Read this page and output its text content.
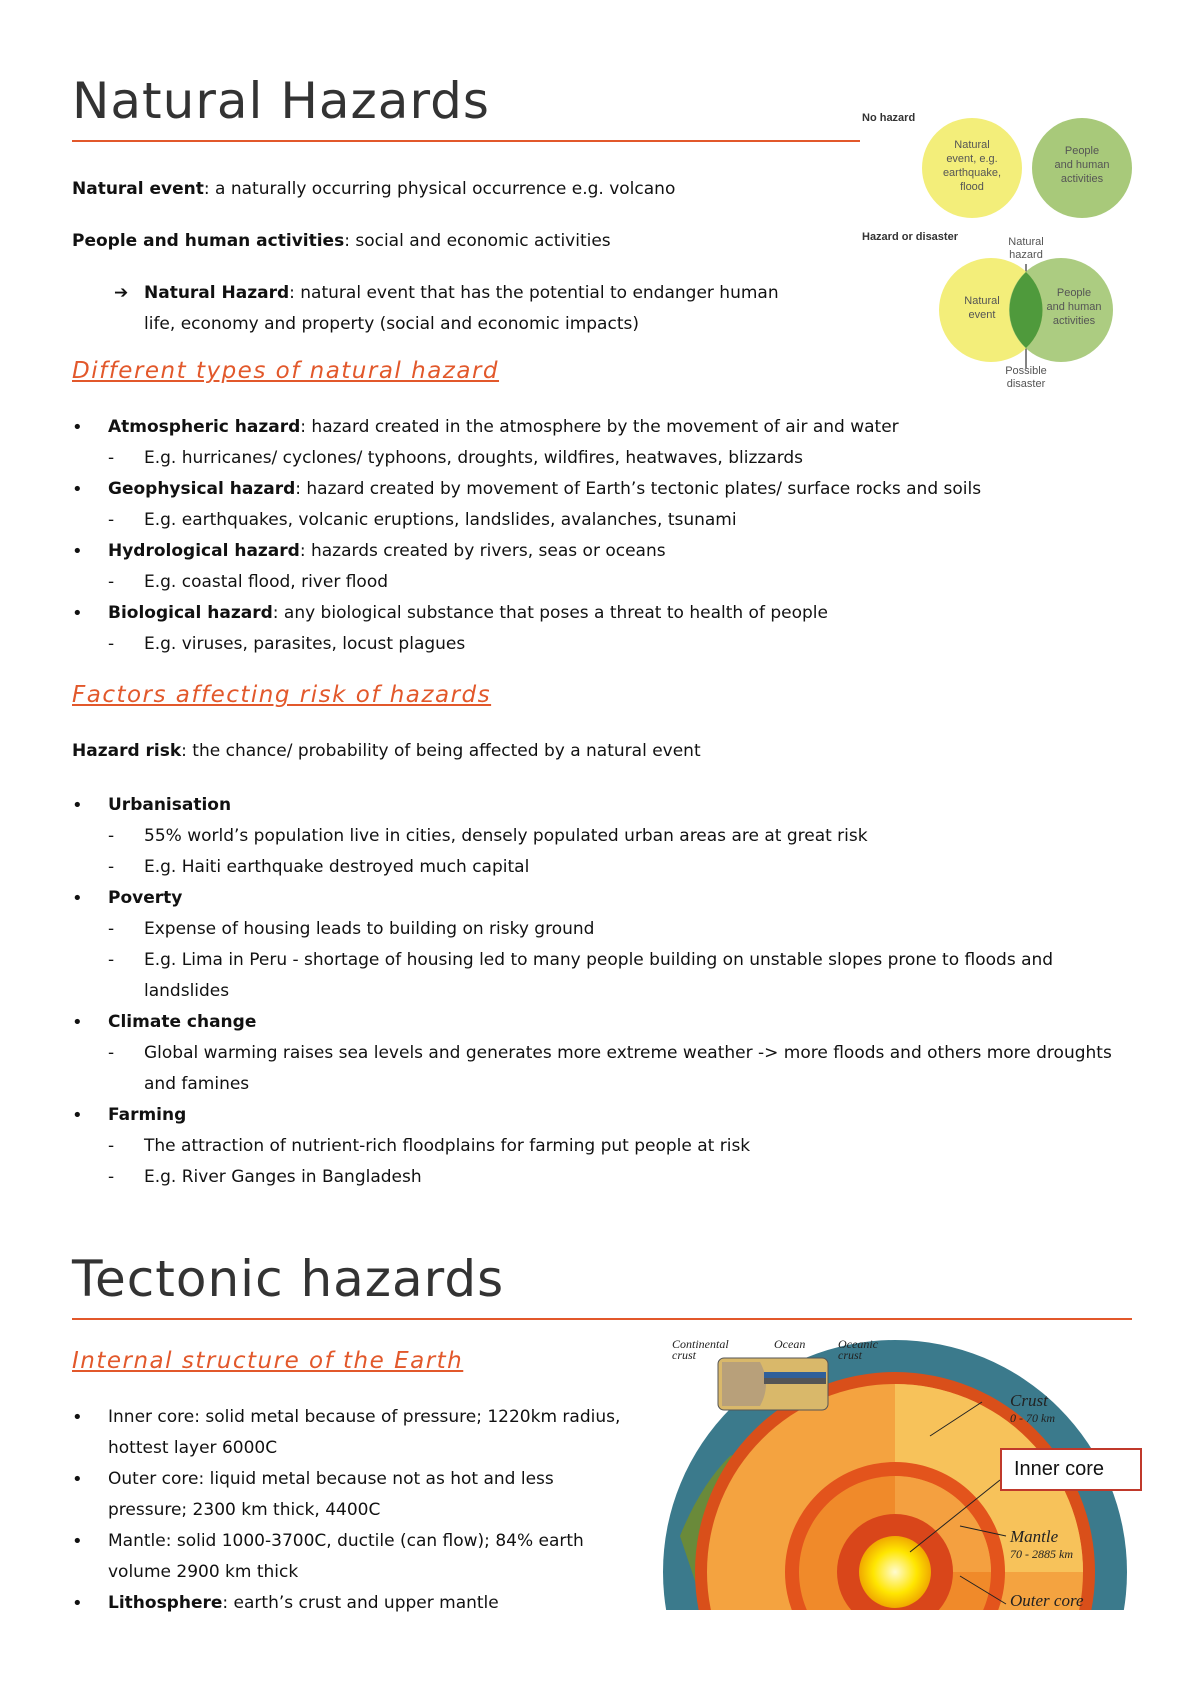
Natural Hazards

Natural event: a naturally occurring physical occurrence e.g. volcano

People and human activities: social and economic activities

➔ Natural Hazard: natural event that has the potential to endanger human
life, economy and property (social and economic impacts)
No hazard
Natural event, e.g. earthquake, flood
People and human activities
Hazard or disaster	Natural hazard
Natural event
People and human activities
Possible disaster
Different types of natural hazard
• Atmospheric hazard: hazard created in the atmosphere by the movement of air and water
- E.g. hurricanes/ cyclones/ typhoons, droughts, wildfires, heatwaves, blizzards
• Geophysical hazard: hazard created by movement of Earth’s tectonic plates/ surface rocks and soils
- E.g. earthquakes, volcanic eruptions, landslides, avalanches, tsunami
• Hydrological hazard: hazards created by rivers, seas or oceans
- E.g. coastal flood, river flood
• Biological hazard: any biological substance that poses a threat to health of people
- E.g. viruses, parasites, locust plagues
Factors affecting risk of hazards

Hazard risk: the chance/ probability of being affected by a natural event

• Urbanisation
- 55% world’s population live in cities, densely populated urban areas are at great risk
- E.g. Haiti earthquake destroyed much capital
• Poverty
- Expense of housing leads to building on risky ground
- E.g. Lima in Peru - shortage of housing led to many people building on unstable slopes prone to floods and landslides
• Climate change
- Global warming raises sea levels and generates more extreme weather -> more floods and others more droughts and famines
• Farming
- The attraction of nutrient-rich floodplains for farming put people at risk
- E.g. River Ganges in Bangladesh
Tectonic hazards
Internal structure of the Earth
• Inner core: solid metal because of pressure; 1220km radius, hottest layer 6000C
• Outer core: liquid metal because not as hot and less pressure; 2300 km thick, 4400C
• Mantle: solid 1000-3700C, ductile (can flow); 84% earth volume 2900 km thick
• Lithosphere: earth’s crust and upper mantle
Continental crust
Ocean	Oceanic crust
Crust
0 - 70 km
Mantle
70 - 2885 km
Outer core
Inner core
